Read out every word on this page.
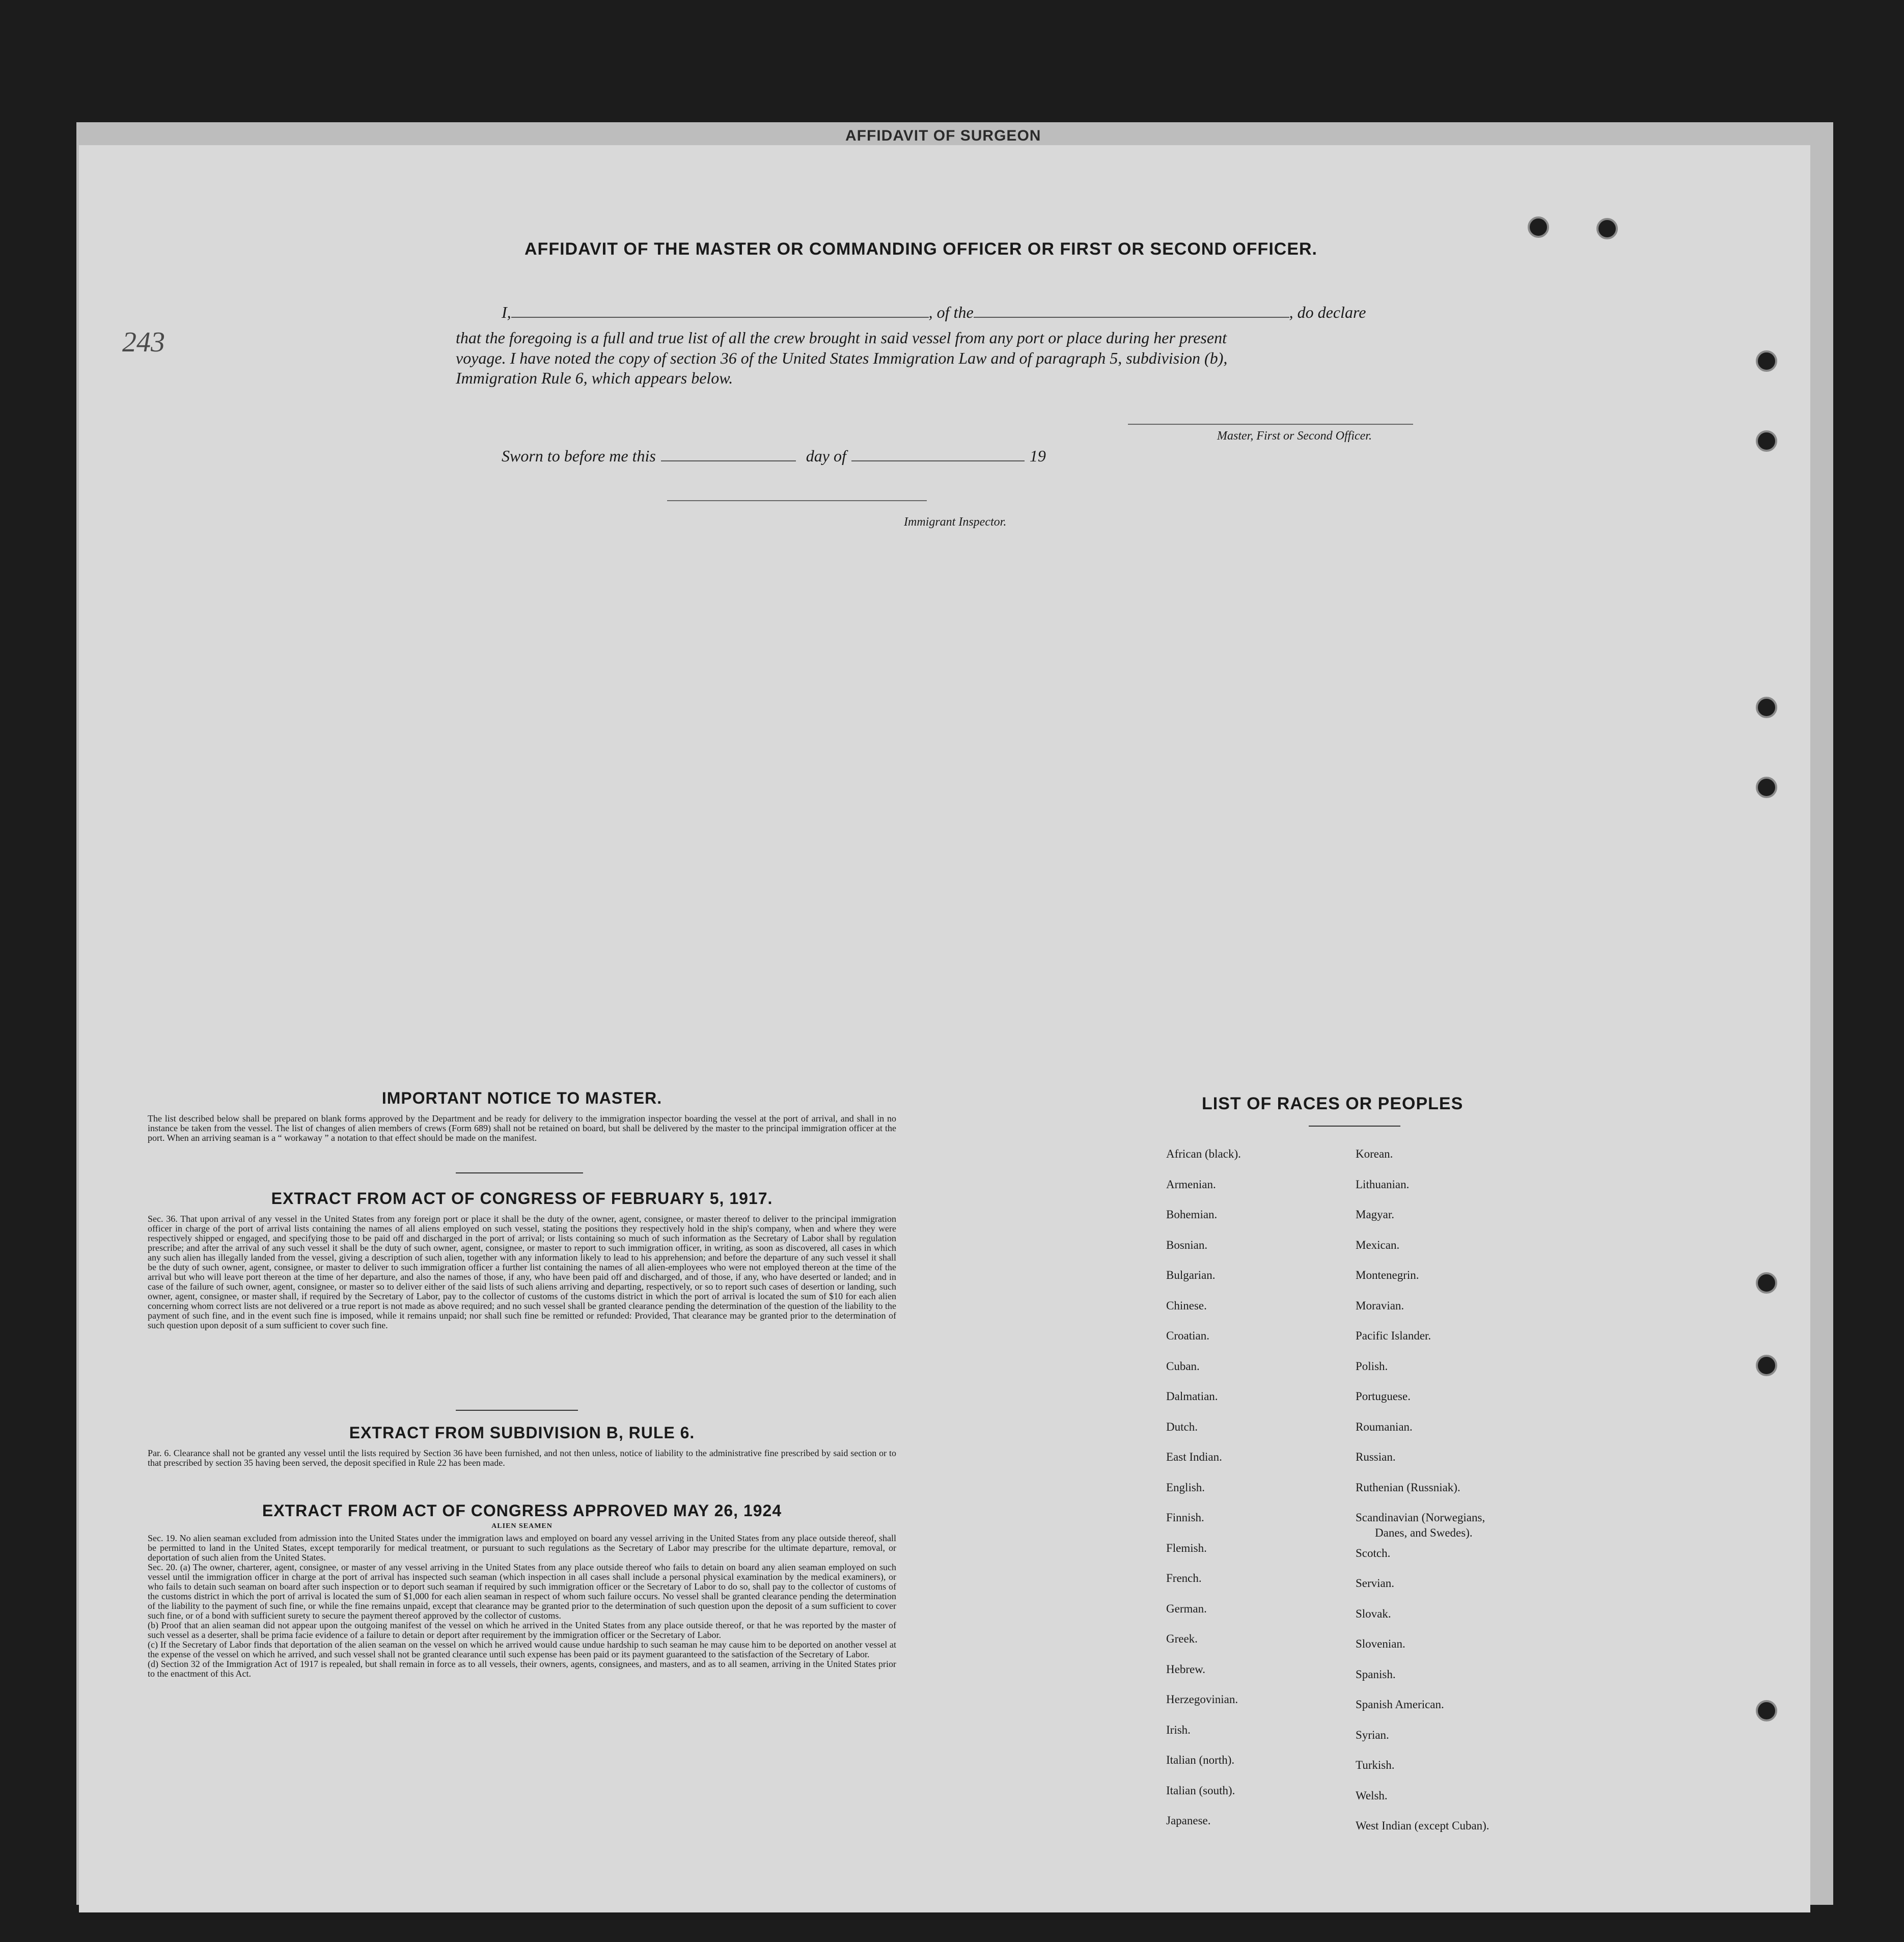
AFFIDAVIT OF SURGEON
243
AFFIDAVIT OF THE MASTER OR COMMANDING OFFICER OR FIRST OR SECOND OFFICER.
I,	, of the	, do declare
that the foregoing is a full and true list of all the crew brought in said vessel from any port or place during her present
voyage. I have noted the copy of section 36 of the United States Immigration Law and of paragraph 5, subdivision (b),
Immigration Rule 6, which appears below.
Master, First or Second Officer.
Sworn to before me this	day of	19
Immigrant Inspector.
IMPORTANT NOTICE TO MASTER.
The list described below shall be prepared on blank forms approved by the Department and be ready for delivery to the immigration inspector boarding the vessel at the port of arrival, and shall in no instance be taken from the vessel. The list of changes of alien members of crews (Form 689) shall not be retained on board, but shall be delivered by the master to the principal immigration officer at the port. When an arriving seaman is a “ workaway ” a notation to that effect should be made on the manifest.
EXTRACT FROM ACT OF CONGRESS OF FEBRUARY 5, 1917.
Sec. 36. That upon arrival of any vessel in the United States from any foreign port or place it shall be the duty of the owner, agent, consignee, or master thereof to deliver to the principal immigration officer in charge of the port of arrival lists containing the names of all aliens employed on such vessel, stating the positions they respectively hold in the ship's company, when and where they were respectively shipped or engaged, and specifying those to be paid off and discharged in the port of arrival; or lists containing so much of such information as the Secretary of Labor shall by regulation prescribe; and after the arrival of any such vessel it shall be the duty of such owner, agent, consignee, or master to report to such immigration officer, in writing, as soon as discovered, all cases in which any such alien has illegally landed from the vessel, giving a description of such alien, together with any information likely to lead to his apprehension; and before the departure of any such vessel it shall be the duty of such owner, agent, consignee, or master to deliver to such immigration officer a further list containing the names of all alien-employees who were not employed thereon at the time of the arrival but who will leave port thereon at the time of her departure, and also the names of those, if any, who have been paid off and discharged, and of those, if any, who have deserted or landed; and in case of the failure of such owner, agent, consignee, or master so to deliver either of the said lists of such aliens arriving and departing, respectively, or so to report such cases of desertion or landing, such owner, agent, consignee, or master shall, if required by the Secretary of Labor, pay to the collector of customs of the customs district in which the port of arrival is located the sum of $10 for each alien concerning whom correct lists are not delivered or a true report is not made as above required; and no such vessel shall be granted clearance pending the determination of the question of the liability to the payment of such fine, and in the event such fine is imposed, while it remains unpaid; nor shall such fine be remitted or refunded: Provided, That clearance may be granted prior to the determination of such question upon deposit of a sum sufficient to cover such fine.
EXTRACT FROM SUBDIVISION B, RULE 6.
Par. 6. Clearance shall not be granted any vessel until the lists required by Section 36 have been furnished, and not then unless, notice of liability to the administrative fine prescribed by said section or to that prescribed by section 35 having been served, the deposit specified in Rule 22 has been made.
EXTRACT FROM ACT OF CONGRESS APPROVED MAY 26, 1924
ALIEN SEAMEN
Sec. 19. No alien seaman excluded from admission into the United States under the immigration laws and employed on board any vessel arriving in the United States from any place outside thereof, shall be permitted to land in the United States, except temporarily for medical treatment, or pursuant to such regulations as the Secretary of Labor may prescribe for the ultimate departure, removal, or deportation of such alien from the United States.
Sec. 20. (a) The owner, charterer, agent, consignee, or master of any vessel arriving in the United States from any place outside thereof who fails to detain on board any alien seaman employed on such vessel until the immigration officer in charge at the port of arrival has inspected such seaman (which inspection in all cases shall include a personal physical examination by the medical examiners), or who fails to detain such seaman on board after such inspection or to deport such seaman if required by such immigration officer or the Secretary of Labor to do so, shall pay to the collector of customs of the customs district in which the port of arrival is located the sum of $1,000 for each alien seaman in respect of whom such failure occurs. No vessel shall be granted clearance pending the determination of the liability to the payment of such fine, or while the fine remains unpaid, except that clearance may be granted prior to the determination of such question upon the deposit of a sum sufficient to cover such fine, or of a bond with sufficient surety to secure the payment thereof approved by the collector of customs.
(b) Proof that an alien seaman did not appear upon the outgoing manifest of the vessel on which he arrived in the United States from any place outside thereof, or that he was reported by the master of such vessel as a deserter, shall be prima facie evidence of a failure to detain or deport after requirement by the immigration officer or the Secretary of Labor.
(c) If the Secretary of Labor finds that deportation of the alien seaman on the vessel on which he arrived would cause undue hardship to such seaman he may cause him to be deported on another vessel at the expense of the vessel on which he arrived, and such vessel shall not be granted clearance until such expense has been paid or its payment guaranteed to the satisfaction of the Secretary of Labor.
(d) Section 32 of the Immigration Act of 1917 is repealed, but shall remain in force as to all vessels, their owners, agents, consignees, and masters, and as to all seamen, arriving in the United States prior to the enactment of this Act.
LIST OF RACES OR PEOPLES
African (black).
Armenian.
Bohemian.
Bosnian.
Bulgarian.
Chinese.
Croatian.
Cuban.
Dalmatian.
Dutch.
East Indian.
English.
Finnish.
Flemish.
French.
German.
Greek.
Hebrew.
Herzegovinian.
Irish.
Italian (north).
Italian (south).
Japanese.
Korean.
Lithuanian.
Magyar.
Mexican.
Montenegrin.
Moravian.
Pacific Islander.
Polish.
Portuguese.
Roumanian.
Russian.
Ruthenian (Russniak).
Scandinavian (Norwegians,
Danes, and Swedes).
Scotch.
Servian.
Slovak.
Slovenian.
Spanish.
Spanish American.
Syrian.
Turkish.
Welsh.
West Indian (except Cuban).
